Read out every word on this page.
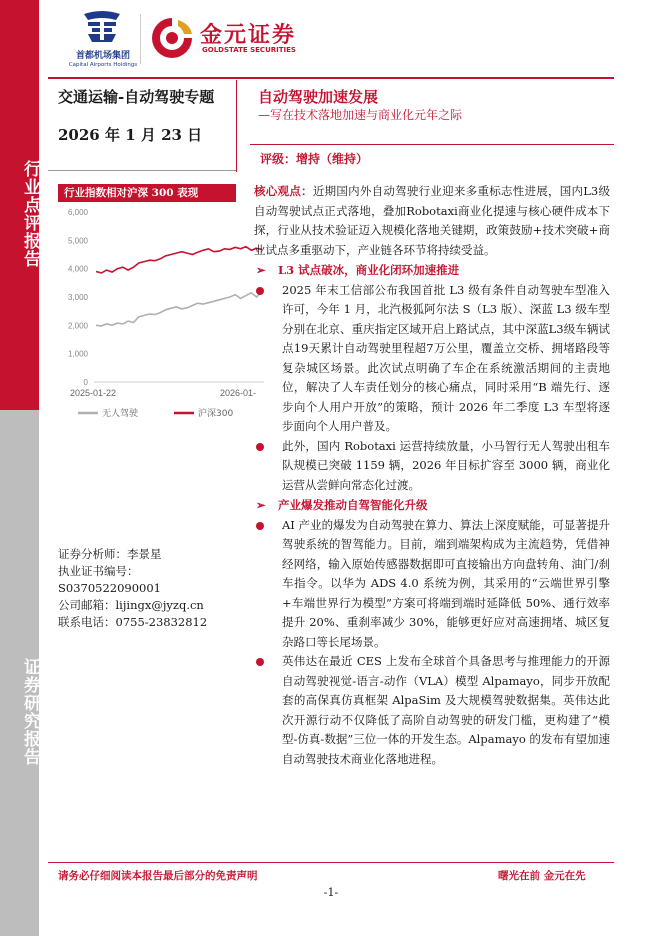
行业点评报告
证券研究报告
首都机场集团
Capital Airports Holdings
金元证券
GOLDSTATE SECURITIES
交通运输-自动驾驶专题
2026 年 1 月 23 日
自动驾驶加速发展
—写在技术落地加速与商业化元年之际
评级：增持（维持）
行业指数相对沪深 300 表现
0
1,000
2,000
3,000
4,000
5,000
6,000
2025-01-22	2026-01-
无人驾驶	沪深300
证券分析师：李景星
执业证书编号：
S0370522090001
公司邮箱：lijingx@jyzq.cn
联系电话：0755-23832812
核心观点：近期国内外自动驾驶行业迎来多重标志性进展，国内L3级自动驾驶试点正式落地，叠加Robotaxi商业化提速与核心硬件成本下探，行业从技术验证迈入规模化落地关键期，政策鼓励+技术突破+商业试点多重驱动下，产业链各环节将持续受益。
➢ L3 试点破冰，商业化闭环加速推进
2025 年末工信部公布我国首批 L3 级有条件自动驾驶车型准入许可，今年 1 月，北汽极狐阿尔法 S（L3 版）、深蓝 L3 级车型分别在北京、重庆指定区域开启上路试点，其中深蓝L3级车辆试点19天累计自动驾驶里程超7万公里，覆盖立交桥、拥堵路段等复杂城区场景。此次试点明确了车企在系统激活期间的主责地位，解决了人车责任划分的核心痛点，同时采用“B 端先行、逐步向个人用户开放”的策略，预计 2026 年二季度 L3 车型将逐步面向个人用户普及。
此外，国内 Robotaxi 运营持续放量，小马智行无人驾驶出租车队规模已突破 1159 辆，2026 年目标扩容至 3000 辆，商业化运营从尝鲜向常态化过渡。
➢ 产业爆发推动自驾智能化升级
AI 产业的爆发为自动驾驶在算力、算法上深度赋能，可显著提升驾驶系统的智驾能力。目前，端到端架构成为主流趋势，凭借神经网络，输入原始传感器数据即可直接输出方向盘转角、油门/刹车指令。以华为 ADS 4.0 系统为例，其采用的“云端世界引擎+车端世界行为模型”方案可将端到端时延降低 50%、通行效率提升 20%、重刹率减少 30%，能够更好应对高速拥堵、城区复杂路口等长尾场景。
英伟达在最近 CES 上发布全球首个具备思考与推理能力的开源自动驾驶视觉-语言-动作（VLA）模型 Alpamayo，同步开放配套的高保真仿真框架 AlpaSim 及大规模驾驶数据集。英伟达此次开源行动不仅降低了高阶自动驾驶的研发门槛，更构建了“模型-仿真-数据”三位一体的开发生态。Alpamayo 的发布有望加速自动驾驶技术商业化落地进程。
请务必仔细阅读本报告最后部分的免责声明	曙光在前 金元在先
-1-
